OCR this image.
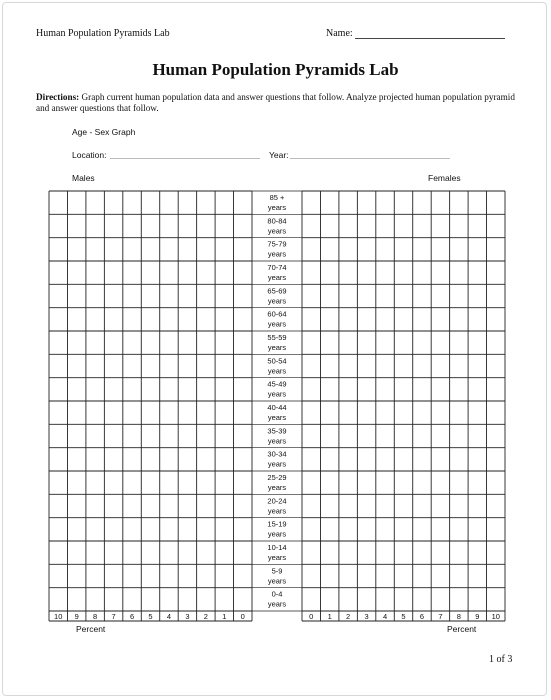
Human Population Pyramids Lab	Name:
Human Population Pyramids Lab
Directions: Graph current human population data and answer questions that follow. Analyze projected human population pyramid and answer questions that follow.
Age - Sex Graph
Location:	Year:
Males	Females
85 +
years
80-84
years
75-79
years
70-74
years
65-69
years
60-64
years
55-59
years
50-54
years
45-49
years
40-44
years
35-39
years
30-34
years
25-29
years
20-24
years
15-19
years
10-14
years
5-9
years
0-4
years
10 9 8 7 6 5 4 3 2 1 0	0 1 2 3 4 5 6 7 8 9 10
Percent	Percent
1 of 3
